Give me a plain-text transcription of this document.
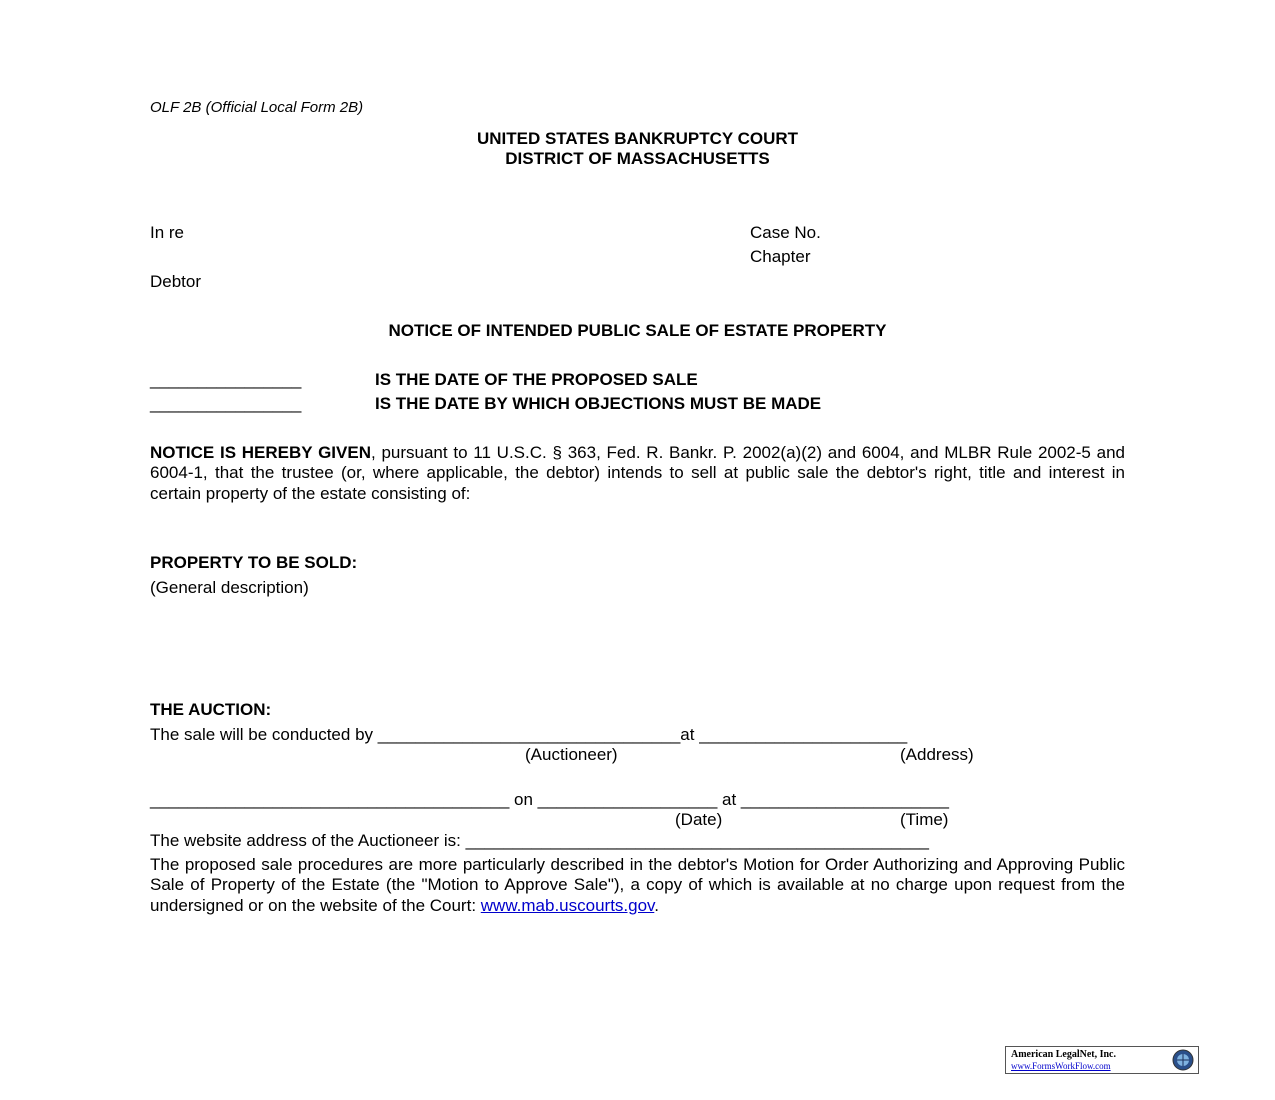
OLF 2B (Official Local Form 2B)
UNITED STATES BANKRUPTCY COURT
DISTRICT OF MASSACHUSETTS
In re	Case No.
Chapter
Debtor
NOTICE OF INTENDED PUBLIC SALE OF ESTATE PROPERTY
________________	IS THE DATE OF THE PROPOSED SALE
________________	IS THE DATE BY WHICH OBJECTIONS MUST BE MADE
NOTICE IS HEREBY GIVEN, pursuant to 11 U.S.C. § 363, Fed. R. Bankr. P. 2002(a)(2) and 6004, and MLBR Rule 2002-5 and 6004-1, that the trustee (or, where applicable, the debtor) intends to sell at public sale the debtor's right, title and interest in certain property of the estate consisting of:
PROPERTY TO BE SOLD:
(General description)
THE AUCTION:
The sale will be conducted by ________________________________at ______________________
(Auctioneer)	(Address)
______________________________________ on ___________________ at ______________________
(Date)	(Time)
The website address of the Auctioneer is: _________________________________________________
The proposed sale procedures are more particularly described in the debtor's Motion for Order Authorizing and Approving Public Sale of Property of the Estate (the "Motion to Approve Sale"), a copy of which is available at no charge upon request from the undersigned or on the website of the Court: www.mab.uscourts.gov.
American LegalNet, Inc.
www.FormsWorkFlow.com
